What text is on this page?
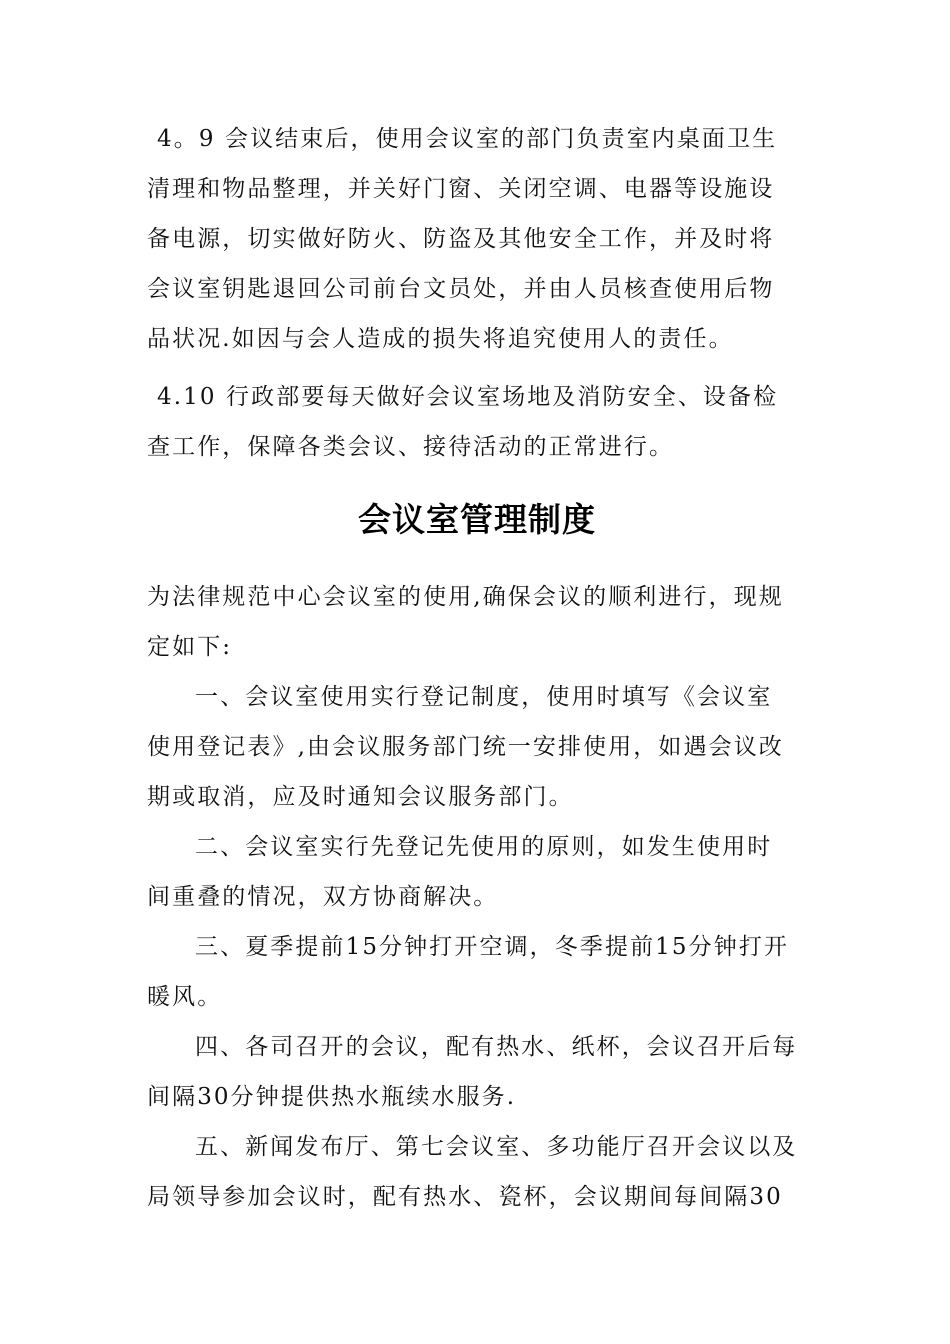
4。9 会议结束后，使用会议室的部门负责室内桌面卫生
清理和物品整理，并关好门窗、关闭空调、电器等设施设
备电源，切实做好防火、防盗及其他安全工作，并及时将
会议室钥匙退回公司前台文员处，并由人员核查使用后物
品状况.如因与会人造成的损失将追究使用人的责任。
4.10 行政部要每天做好会议室场地及消防安全、设备检
查工作，保障各类会议、接待活动的正常进行。
会议室管理制度
为法律规范中心会议室的使用,确保会议的顺利进行，现规
定如下:
一、会议室使用实行登记制度，使用时填写《会议室
使用登记表》,由会议服务部门统一安排使用，如遇会议改
期或取消，应及时通知会议服务部门。
二、会议室实行先登记先使用的原则，如发生使用时
间重叠的情况，双方协商解决。
三、夏季提前15分钟打开空调，冬季提前15分钟打开
暖风。
四、各司召开的会议，配有热水、纸杯，会议召开后每
间隔30分钟提供热水瓶续水服务.
五、新闻发布厅、第七会议室、多功能厅召开会议以及
局领导参加会议时，配有热水、瓷杯，会议期间每间隔30
